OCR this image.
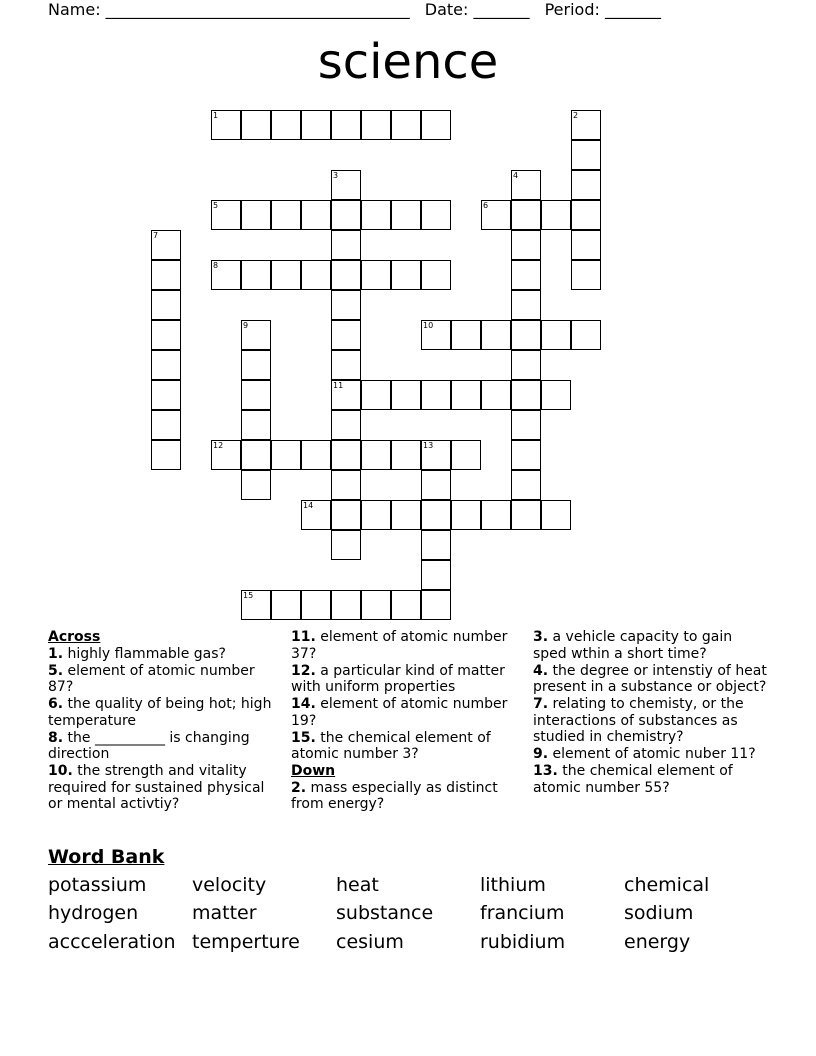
Name: ______________________________________ Date: _______ Period: _______
science
1	2
3
11
4
5	6
7
8
9	10
12	13
14
15
Across
1. highly flammable gas?
5. element of atomic number 87?
6. the quality of being hot; high temperature
8. the __________ is changing direction
10. the strength and vitality required for sustained physical or mental activtiy?
11. element of atomic number 37?
12. a particular kind of matter with uniform properties
14. element of atomic number 19?
15. the chemical element of atomic number 3?
Down
2. mass especially as distinct from energy?
3. a vehicle capacity to gain sped wthin a short time?
4. the degree or intenstiy of heat present in a substance or object?
7. relating to chemisty, or the interactions of substances as studied in chemistry?
9. element of atomic nuber 11?
13. the chemical element of atomic number 55?
Word Bank
potassium velocity	heat	lithium	chemical
hydrogen	matter	substance francium	sodium
accceleration temperture cesium	rubidium	energy
